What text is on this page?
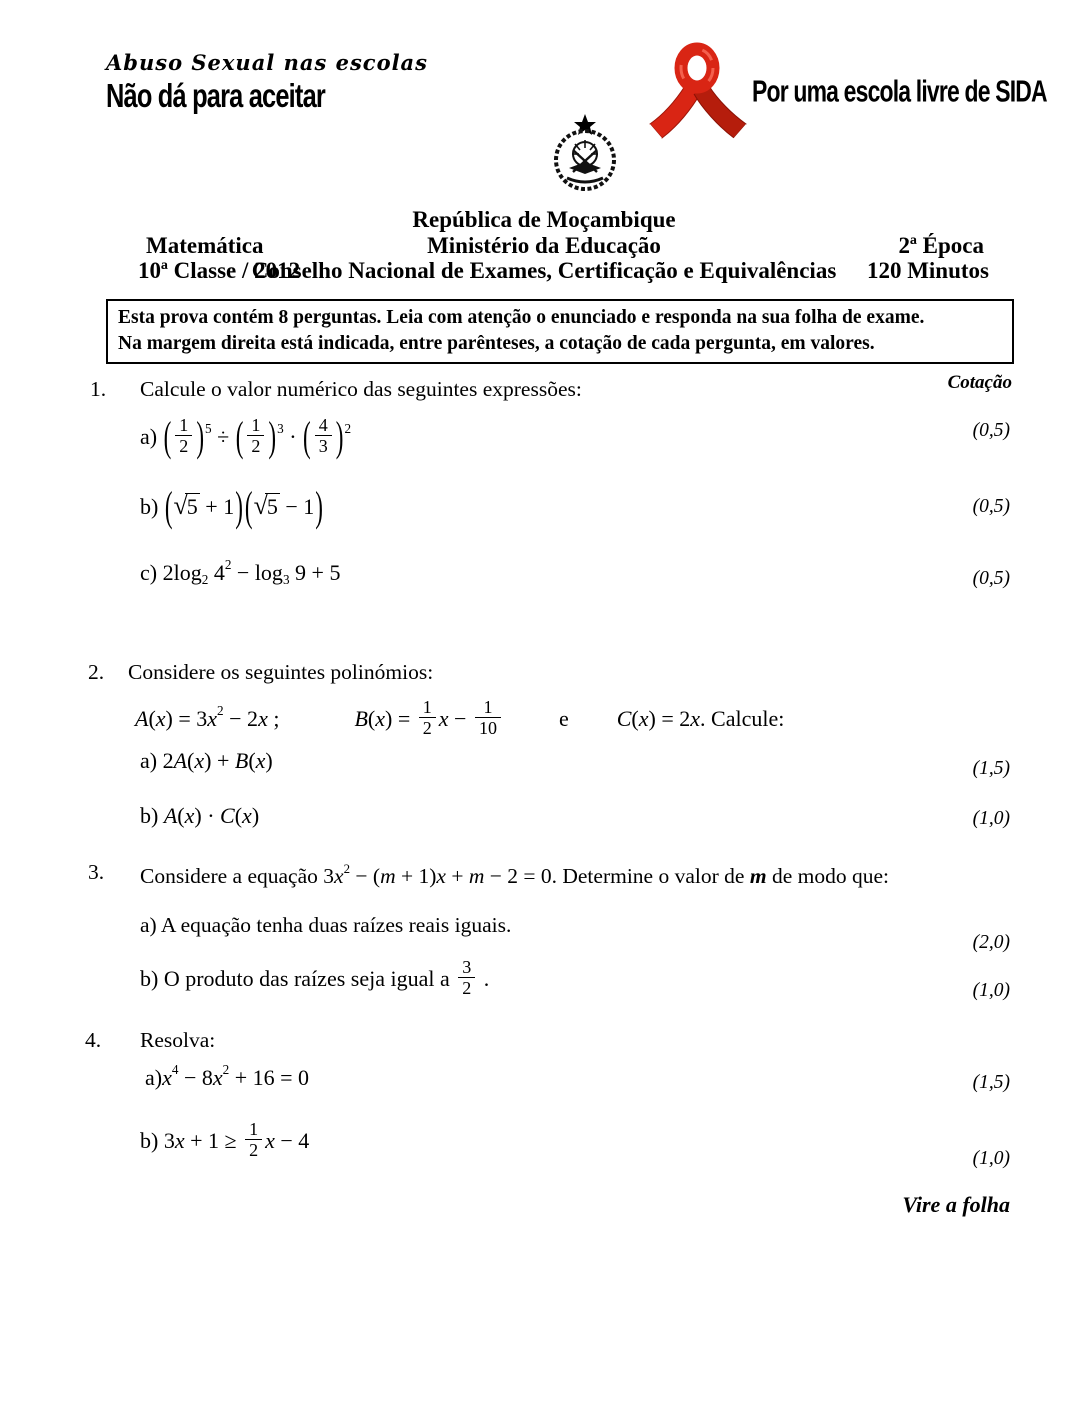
Abuso Sexual nas escolas
Não dá para aceitar	Por uma escola livre de SIDA
República de Moçambique
Matemática	Ministério da Educação	2ª Época
10ª Classe / 2012
Conselho Nacional de Exames, Certificação e Equivalências 120 Minutos
Esta prova contém 8 perguntas. Leia com atenção o enunciado e responda na sua folha de exame.
Na margem direita está indicada, entre parênteses, a cotação de cada pergunta, em valores.
Cotação
1. Calcule o valor numérico das seguintes expressões:
a) ( $\frac{1}{2} )^5$ ÷ ( $\frac{1}{2} )^3$ · ( $\frac{4}{3} )^2$	(0,5)
b) (√5 + 1)(√5 − 1)	(0,5)
c) $2\log_2$ $4^2 - \log_3 9 + 5$	(0,5)
2. Considere os seguintes polinómios:
$A(x) = 3x^2 - 2x$ ;	$B(x) = \frac{1}{2}$ $x - \frac{1}{10}$	e C(x) = 2x. Calcule:
a) 2A(x) + B(x)	(1,5)
b) A(x) · C(x)	(1,0)
3. Considere a equação $3x^2 - (m + 1)x + m - 2 = 0$. Determine o valor de m de modo que:
a) A equação tenha duas raízes reais iguais.
(2,0)
b) O produto das raízes seja igual a $\frac{3}{2}$ .	(1,0)
4. Resolva:
$a)x^4 - 8x^2 + 16 = 0$	(1,5)
b) $3x + 1 \ge \frac{1}{2}$ x − 4
(1,0)
Vire a folha
